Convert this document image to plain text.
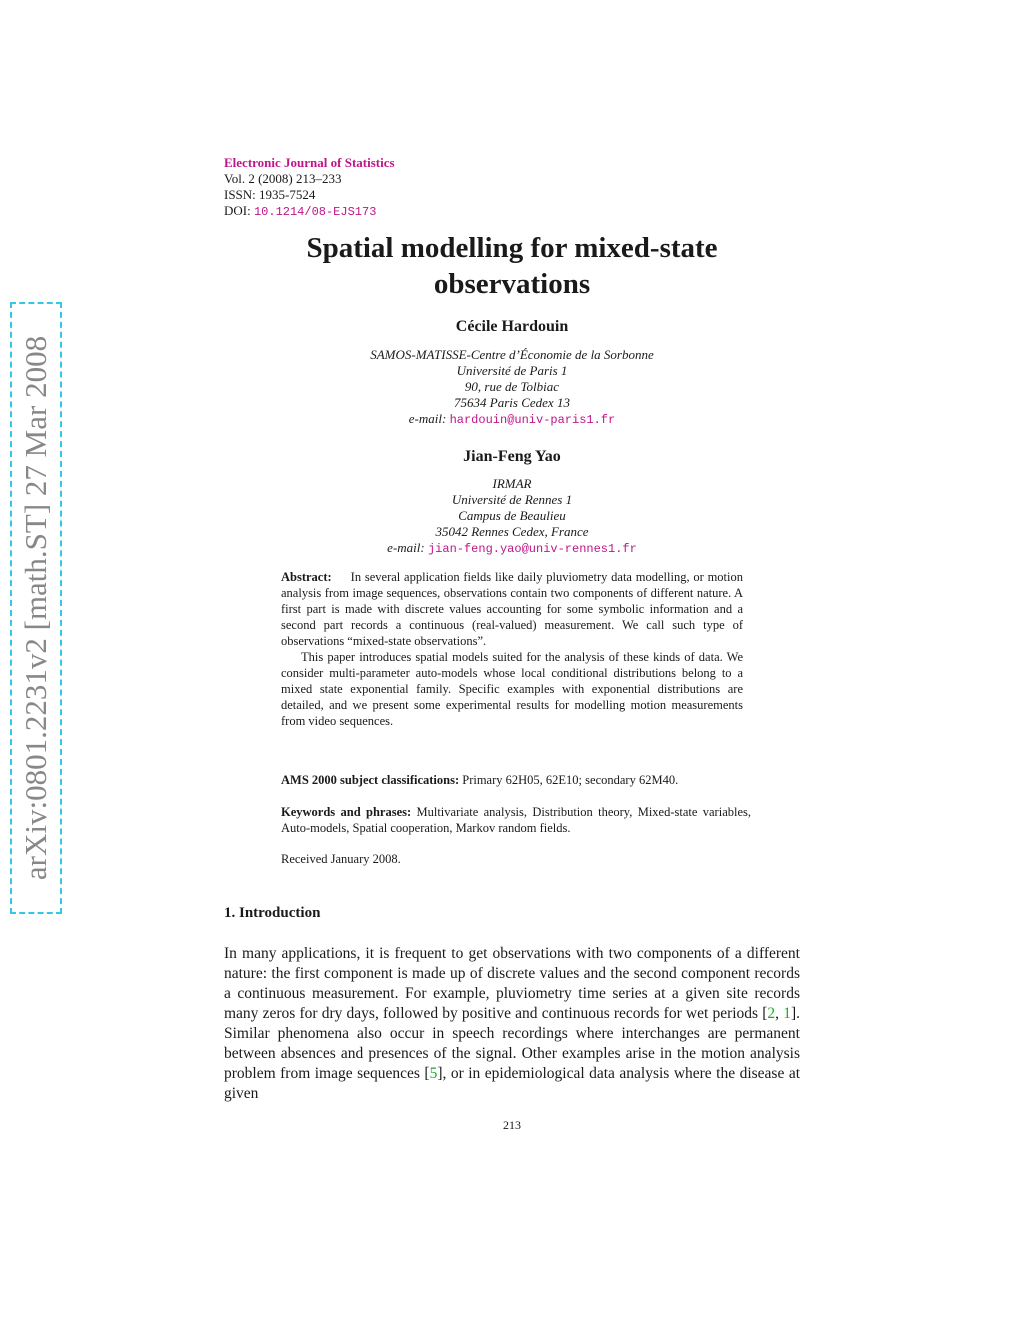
arXiv:0801.2231v2 [math.ST] 27 Mar 2008
Electronic Journal of Statistics
Vol. 2 (2008) 213–233
ISSN: 1935-7524
DOI: 10.1214/08-EJS173
Spatial modelling for mixed-state
observations
Cécile Hardouin
SAMOS-MATISSE-Centre d’Économie de la Sorbonne
Université de Paris 1
90, rue de Tolbiac
75634 Paris Cedex 13
e-mail: hardouin@univ-paris1.fr
Jian-Feng Yao
IRMAR
Université de Rennes 1
Campus de Beaulieu
35042 Rennes Cedex, France
e-mail: jian-feng.yao@univ-rennes1.fr

Abstract: In several application fields like daily pluviometry data modelling, or motion analysis from image sequences, observations contain two components of different nature. A first part is made with discrete values accounting for some symbolic information and a second part records a continuous (real-valued) measurement. We call such type of observations “mixed-state observations”.

This paper introduces spatial models suited for the analysis of these kinds of data. We consider multi-parameter auto-models whose local conditional distributions belong to a mixed state exponential family. Specific examples with exponential distributions are detailed, and we present some experimental results for modelling motion measurements from video sequences.

AMS 2000 subject classifications: Primary 62H05, 62E10; secondary 62M40.
Keywords and phrases: Multivariate analysis, Distribution theory, Mixed-state variables, Auto-models, Spatial cooperation, Markov random fields.
Received January 2008.
1. Introduction

In many applications, it is frequent to get observations with two components of a different nature: the first component is made up of discrete values and the second component records a continuous measurement. For example, pluviometry time series at a given site records many zeros for dry days, followed by positive and continuous records for wet periods [2, 1]. Similar phenomena also occur in speech recordings where interchanges are permanent between absences and presences of the signal. Other examples arise in the motion analysis problem from image sequences [5], or in epidemiological data analysis where the disease at given

213
